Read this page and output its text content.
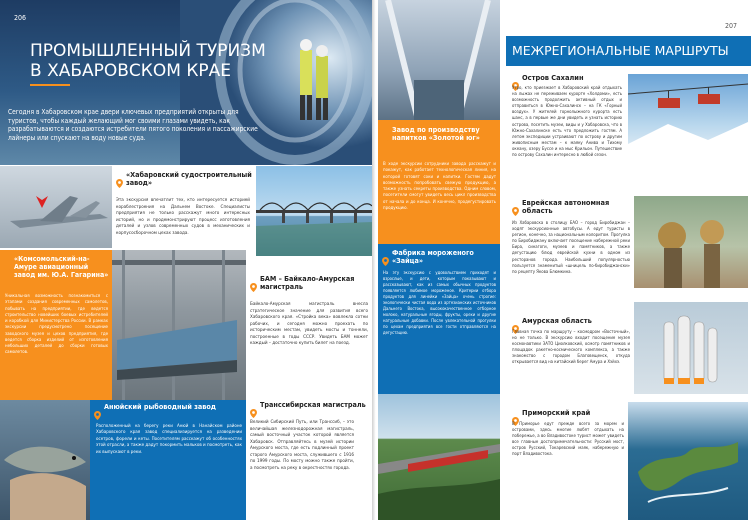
206
ПРОМЫШЛЕННЫЙ ТУРИЗМ
В ХАБАРОВСКОМ КРАЕ
Сегодня в Хабаровском крае двери ключевых предприятий открыты для туристов, чтобы каждый желающий мог своими глазами увидеть, как разрабатываются и создаются истребители пятого поколения и пассажирские лайнеры или спускают на воду новые суда.
«Хабаровский судостроительный завод»
Эта экскурсия впечатлит тех, кто интересуется историей кораблестроения на Дальнем Востоке. Специалисты предприятия не только расскажут много интересных историй, но и продемонстрируют процесс изготовления деталей и узлов современных судов в механических и корпусосборочном цехах завода.
«Комсомольский-на-Амуре авиационный завод им. Ю.А. Гагарина»
Уникальная возможность познакомиться с этапами создания современных самолетов, побывать на предприятии, где ведется строительство новейших боевых истребителей и коробкой для Министерства России. В рамках экскурсии предусмотрено посещение заводского музея и цехов предприятия, где ведется сборка изделий от изготовления небольших деталей до сборки готовых самолетов.
БАМ – Байкало-Амурская магистраль
Байкало-Амурская магистраль внесла стратегическое значение для развития всего Хабаровского края. «Стройка века» вовлекла сотни рабочих, и сегодня можно проехать по историческим местам, увидеть мосты и тоннели, построенные в годы СССР. Увидеть БАМ может каждый – достаточно купить билет на поезд.
Анюйский рыбоводный завод
Расположенный на берегу реки Анюй в Нанайском районе Хабаровского края завод специализируется на разведении осетров, форели и кеты. Посетителям расскажут об особенностях этой отрасли, а также дадут покормить мальков и посмотреть, как их выпускают в реки.
Транссибирская магистраль
Великий Сибирский Путь, или Транссиб, – это величайшая железнодорожная магистраль, самый восточный участок которой является Хабаровск. Отправляйтесь в музей истории Амурского моста, где есть подлинный проект старого Амурского моста, служившего с 1916 по 1999 годы. По мосту можно также пройти, а посмотреть на реку в окрестностях города.
207
Завод по производству напитков «Золотой юг»
В ходе экскурсии сотрудники завода расскажут и покажут, как работает технологическая линия, на которой готовят соки и напитки. Гостям дадут возможность попробовать свежую продукцию, а также узнать секреты производства. Одним словом, посетители смогут увидеть весь цикл производства от начала и до конца. И конечно, продегустировать продукцию.
Фабрика мороженого «Зайца»
На эту экскурсию с удовольствием приходят и взрослые, и дети, которым показывают и рассказывают, как из самых обычных продуктов появляется любимое мороженое. Критерии отбора продуктов для линейки «Зайца» очень строгие: экологически чистая вода из артезианских источников Дальнего Востока, высококачественное отборное молоко, натуральные ягоды, фрукты, орехи и другие натуральные добавки. После увлекательной прогулки по цехам предприятия все гости отправляются на дегустацию.
МЕЖРЕГИОНАЛЬНЫЕ МАРШРУТЫ
Остров Сахалин
Утро, кто приезжает в Хабаровский край отдыхать на лыжах не переживаем курорте «Холдоми», есть возможность продолжить активный отдых и отправиться в Южно-Сахалинск – на ГК «Горный воздух». У жителей горнолыжного курорта есть шанс, а в первые же дни увидеть и узнать историю острова, посетить музеи, виды и у Хабаровска, что в Южно-Сахалинске есть что предложить гостям. А летом экспедиции устраивают по острову и другим живописным местам – к маяку Анива и Тихому океану, озеру Буссе и на мыс Крильон. Путешествие по острову Сахалин интересно в любой сезон.
Еврейская автономная область
Из Хабаровска в столицу ЕАО – город Биробиджан – ходят экскурсионные автобусы. А едут туристы в регион, конечно, за национальным колоритом. Прогулка по Биробиджану включает посещение набережной реки Бира, синагоги, музеев и памятников, а также дегустацию блюд еврейской кухни в одном из ресторанов города. Наибольший популярностью пользуется знаменитый «шницель по-биробиджански» по рецепту Якова Блюмкина.
Амурская область
Главная точка по маршруту – космодром «Восточный», но не только. В экскурсию входит посещение музея космонавтики ЗАТО Циолковский, осмотр памятников и площадок ракетно-космического комплекса, а также знакомство с городом Благовещенск, откуда открывается вид на китайский берег Амура и Хэйхэ.
Приморский край
В Приморье едут прежде всего за морем и островами, здесь многие любят отдыхать на побережье, а во Владивостоке турист может увидеть все главные достопримечательности: Русский мост, остров Русский, Токаревский маяк, набережную и порт Владивостока.
